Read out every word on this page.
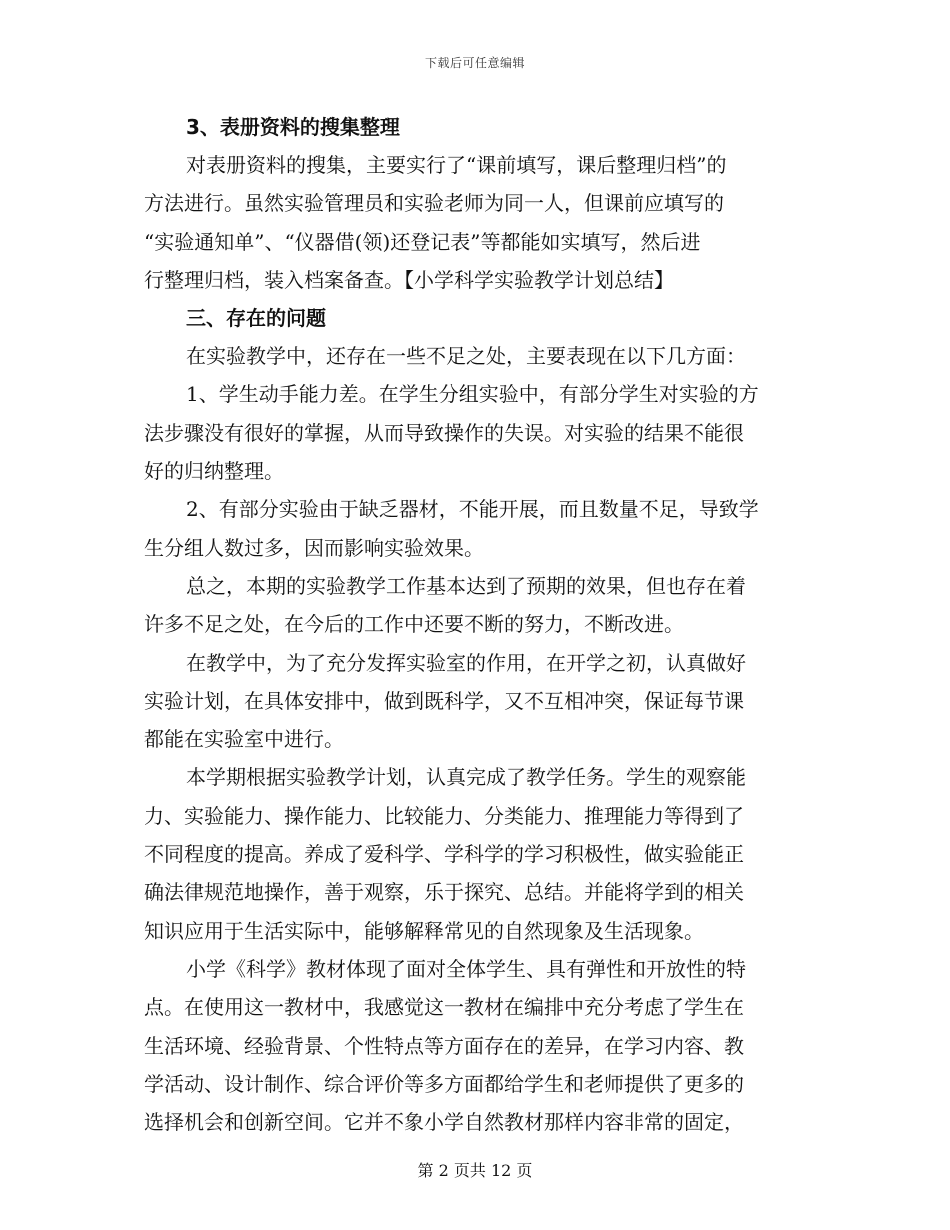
下载后可任意编辑
3、表册资料的搜集整理
对表册资料的搜集，主要实行了“课前填写，课后整理归档”的
方法进行。虽然实验管理员和实验老师为同一人，但课前应填写的
“实验通知单”、“仪器借(领)还登记表”等都能如实填写，然后进
行整理归档，装入档案备查。【小学科学实验教学计划总结】
三、存在的问题
在实验教学中，还存在一些不足之处，主要表现在以下几方面：
1、学生动手能力差。在学生分组实验中，有部分学生对实验的方
法步骤没有很好的掌握，从而导致操作的失误。对实验的结果不能很
好的归纳整理。
2、有部分实验由于缺乏器材，不能开展，而且数量不足，导致学
生分组人数过多，因而影响实验效果。
总之，本期的实验教学工作基本达到了预期的效果，但也存在着
许多不足之处，在今后的工作中还要不断的努力，不断改进。
在教学中，为了充分发挥实验室的作用，在开学之初，认真做好
实验计划，在具体安排中，做到既科学，又不互相冲突，保证每节课
都能在实验室中进行。
本学期根据实验教学计划，认真完成了教学任务。学生的观察能
力、实验能力、操作能力、比较能力、分类能力、推理能力等得到了
不同程度的提高。养成了爱科学、学科学的学习积极性，做实验能正
确法律规范地操作，善于观察，乐于探究、总结。并能将学到的相关
知识应用于生活实际中，能够解释常见的自然现象及生活现象。
小学《科学》教材体现了面对全体学生、具有弹性和开放性的特
点。在使用这一教材中，我感觉这一教材在编排中充分考虑了学生在
生活环境、经验背景、个性特点等方面存在的差异，在学习内容、教
学活动、设计制作、综合评价等多方面都给学生和老师提供了更多的
选择机会和创新空间。它并不象小学自然教材那样内容非常的固定，
第 2 页共 12 页
